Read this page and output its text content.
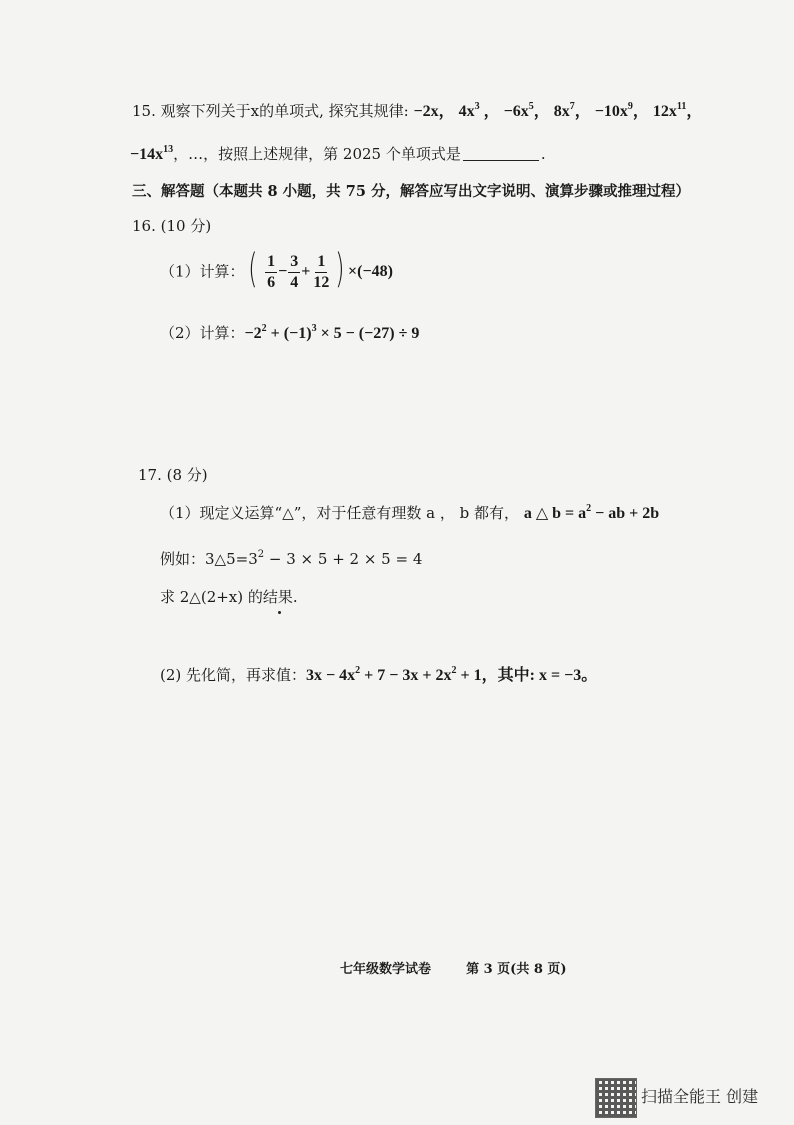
15. 观察下列关于x的单项式, 探究其规律: −2x， $4x^3$ ， $-6x^5$， $8x^7$， $-10x^9$， $12x^{11}$，
$-14x^{13}$，…，按照上述规律，第 2025 个单项式是	.
三、解答题（本题共 8 小题，共 75 分，解答应写出文字说明、演算步骤或推理过程）
16. (10 分)
（1）计算：( $\frac{1}{6} - \frac{3}{4} + \frac{1}{12}$ ) ×(−48)
（2）计算：$-2^2 + (-1)^3 \times 5 - (-27) \div 9$
17. (8 分)
（1）现定义运算“△”，对于任意有理数 a ， b 都有， a △ $b = a^2$ − ab + 2b
例如：$3\triangle 5=3^2 - 3 \times 5 + 2 \times 5 = 4$
求 2△(2+x) 的结果.
(2) 先化简，再求值：$3x - 4x^2 + 7 - 3x + 2x^2 + 1$，其中: x = −3。
七年级数学试卷	第 3 页(共 8 页)
扫描全能王 创建
